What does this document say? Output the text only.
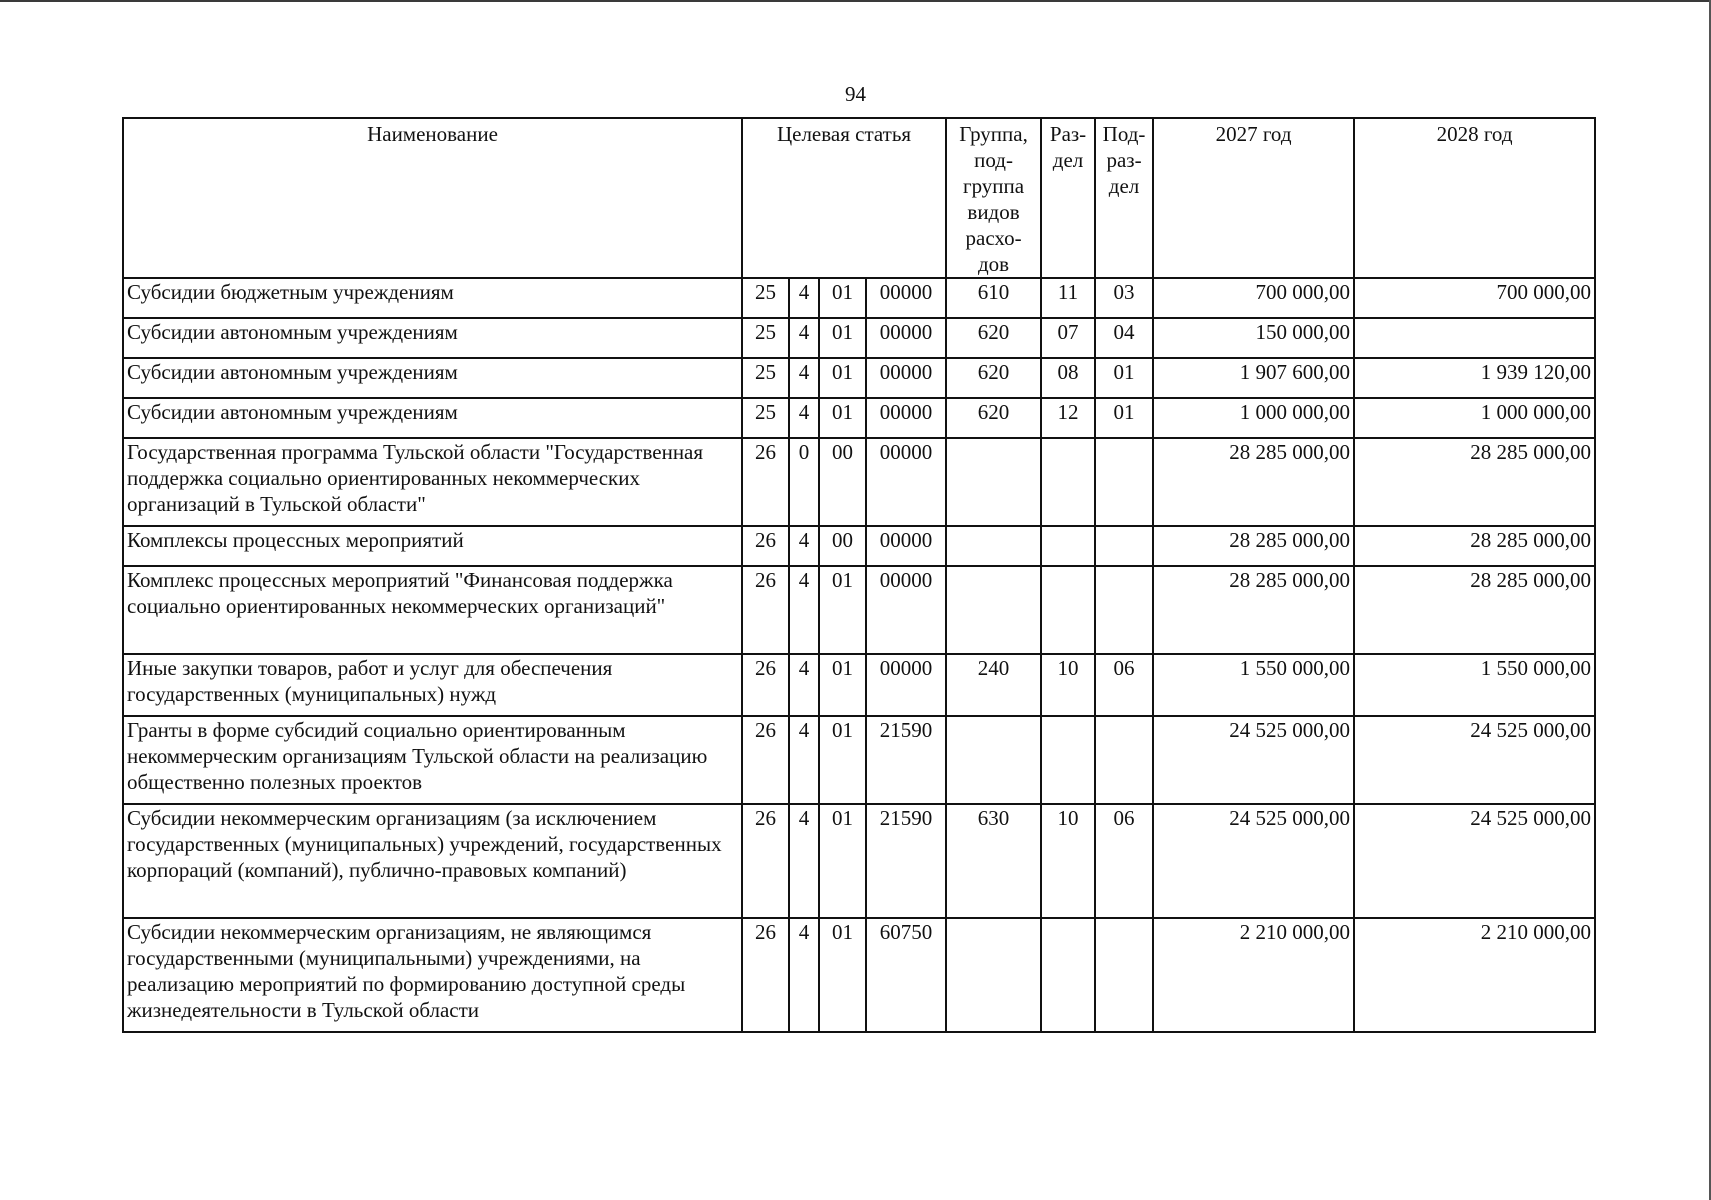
94
Наименование	Целевая статья				Группа, под- группа видов расхо- дов	Раз- дел	Под- раз- дел	2027 год	2028 год
Субсидии бюджетным учреждениям	25	4	01	00000	610	11	03	700 000,00	700 000,00
Субсидии автономным учреждениям	25	4	01	00000	620	07	04	150 000,00	
Субсидии автономным учреждениям	25	4	01	00000	620	08	01	1 907 600,00	1 939 120,00
Субсидии автономным учреждениям	25	4	01	00000	620	12	01	1 000 000,00	1 000 000,00
Государственная программа Тульской области "Государственная поддержка социально ориентированных некоммерческих организаций в Тульской области"	26	0	00	00000				28 285 000,00	28 285 000,00
Комплексы процессных мероприятий	26	4	00	00000				28 285 000,00	28 285 000,00
Комплекс процессных мероприятий "Финансовая поддержка социально ориентированных некоммерческих организаций"	26	4	01	00000				28 285 000,00	28 285 000,00
Иные закупки товаров, работ и услуг для обеспечения государственных (муниципальных) нужд	26	4	01	00000	240	10	06	1 550 000,00	1 550 000,00
Гранты в форме субсидий социально ориентированным некоммерческим организациям Тульской области на реализацию общественно полезных проектов	26	4	01	21590				24 525 000,00	24 525 000,00
Субсидии некоммерческим организациям (за исключением государственных (муниципальных) учреждений, государственных корпораций (компаний), публично-правовых компаний)	26	4	01	21590	630	10	06	24 525 000,00	24 525 000,00
Субсидии некоммерческим организациям, не являющимся государственными (муниципальными) учреждениями, на реализацию мероприятий по формированию доступной среды жизнедеятельности в Тульской области	26	4	01	60750				2 210 000,00	2 210 000,00
